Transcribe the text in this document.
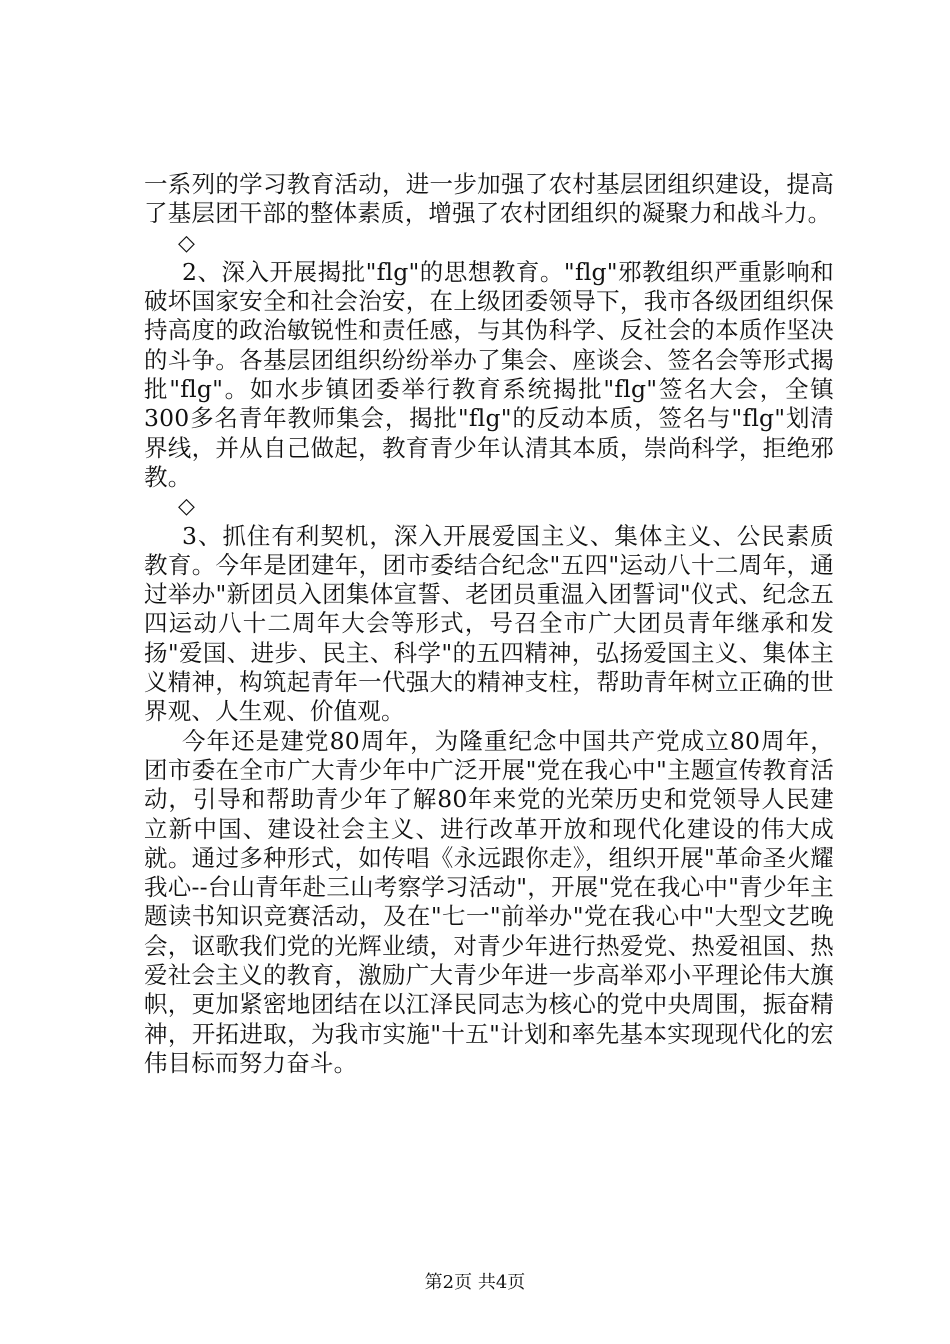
一系列的学习教育活动，进一步加强了农村基层团组织建设，提高了基层团干部的整体素质，增强了农村团组织的凝聚力和战斗力。

◇

2、深入开展揭批"flg"的思想教育。"flg"邪教组织严重影响和破坏国家安全和社会治安，在上级团委领导下，我市各级团组织保持高度的政治敏锐性和责任感，与其伪科学、反社会的本质作坚决的斗争。各基层团组织纷纷举办了集会、座谈会、签名会等形式揭批"flg"。如水步镇团委举行教育系统揭批"flg"签名大会，全镇300多名青年教师集会，揭批"flg"的反动本质，签名与"flg"划清界线，并从自己做起，教育青少年认清其本质，崇尚科学，拒绝邪教。

◇

3、抓住有利契机，深入开展爱国主义、集体主义、公民素质教育。今年是团建年，团市委结合纪念"五四"运动八十二周年，通过举办"新团员入团集体宣誓、老团员重温入团誓词"仪式、纪念五四运动八十二周年大会等形式，号召全市广大团员青年继承和发扬"爱国、进步、民主、科学"的五四精神，弘扬爱国主义、集体主义精神，构筑起青年一代强大的精神支柱，帮助青年树立正确的世界观、人生观、价值观。

今年还是建党80周年，为隆重纪念中国共产党成立80周年，团市委在全市广大青少年中广泛开展"党在我心中"主题宣传教育活动，引导和帮助青少年了解80年来党的光荣历史和党领导人民建立新中国、建设社会主义、进行改革开放和现代化建设的伟大成就。通过多种形式，如传唱《永远跟你走》，组织开展"革命圣火耀我心--台山青年赴三山考察学习活动"，开展"党在我心中"青少年主题读书知识竞赛活动，及在"七一"前举办"党在我心中"大型文艺晚会，讴歌我们党的光辉业绩，对青少年进行热爱党、热爱祖国、热爱社会主义的教育，激励广大青少年进一步高举邓小平理论伟大旗帜，更加紧密地团结在以江泽民同志为核心的党中央周围，振奋精神，开拓进取，为我市实施"十五"计划和率先基本实现现代化的宏伟目标而努力奋斗。

第2页 共4页
